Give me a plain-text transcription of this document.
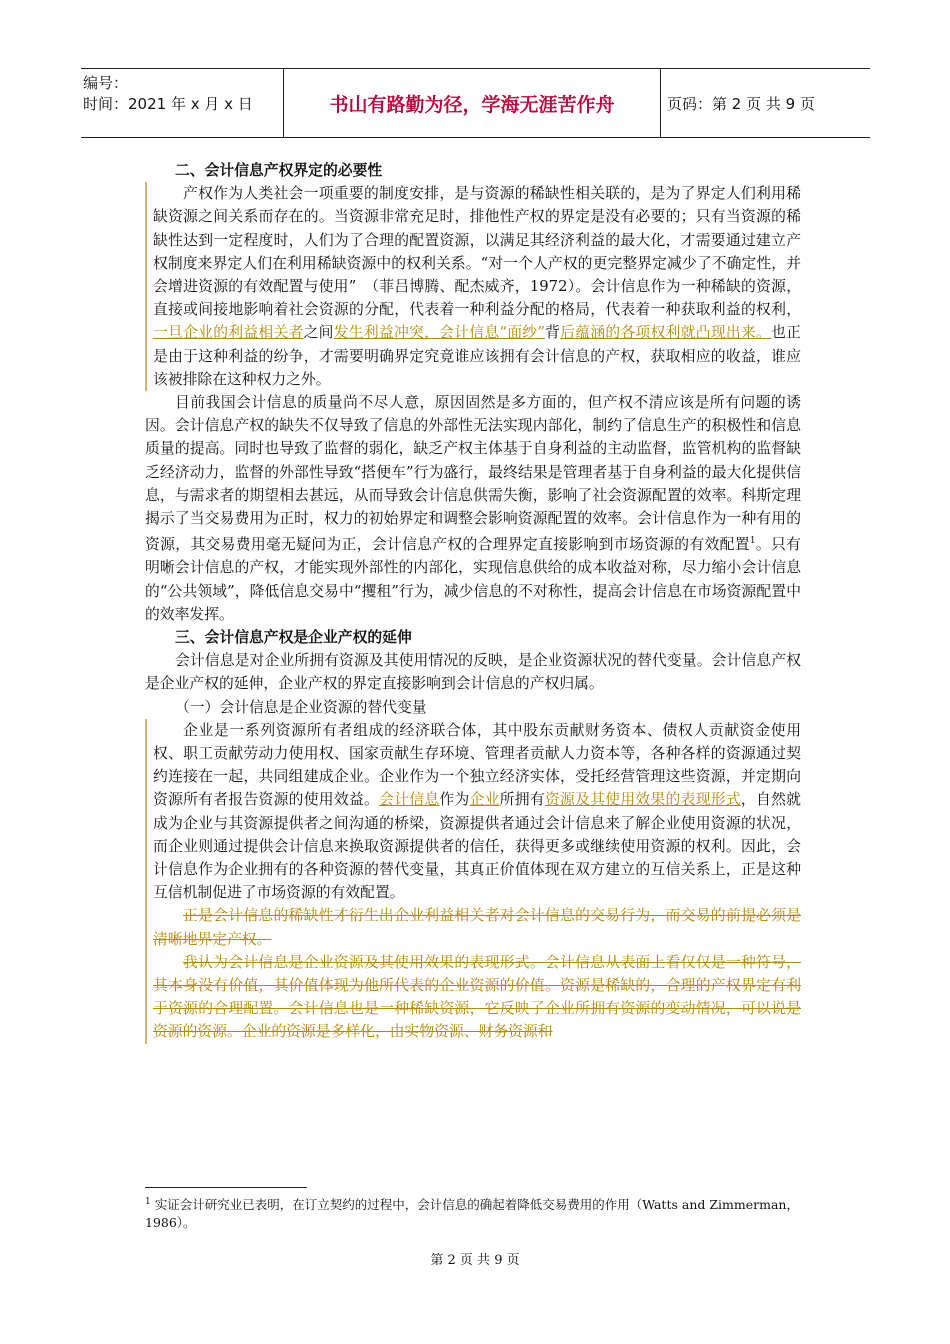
编号：
时间：2021 年 x 月 x 日	书山有路勤为径，学海无涯苦作舟	页码：第 2 页 共 9 页

二、会计信息产权界定的必要性

产权作为人类社会一项重要的制度安排，是与资源的稀缺性相关联的，是为了界定人们利用稀缺资源之间关系而存在的。当资源非常充足时，排他性产权的界定是没有必要的；只有当资源的稀缺性达到一定程度时，人们为了合理的配置资源，以满足其经济利益的最大化，才需要通过建立产权制度来界定人们在利用稀缺资源中的权利关系。“对一个人产权的更完整界定减少了不确定性，并会增进资源的有效配置与使用”　（菲吕博腾、配杰威齐，1972）。会计信息作为一种稀缺的资源，直接或间接地影响着社会资源的分配，代表着一种利益分配的格局，代表着一种获取利益的权利，一旦企业的利益相关者之间发生利益冲突，会计信息“面纱”背后蕴涵的各项权利就凸现出来。也正是由于这种利益的纷争，才需要明确界定究竟谁应该拥有会计信息的产权，获取相应的收益，谁应该被排除在这种权力之外。

目前我国会计信息的质量尚不尽人意，原因固然是多方面的，但产权不清应该是所有问题的诱因。会计信息产权的缺失不仅导致了信息的外部性无法实现内部化，制约了信息生产的积极性和信息质量的提高。同时也导致了监督的弱化，缺乏产权主体基于自身利益的主动监督，监管机构的监督缺乏经济动力，监督的外部性导致“搭便车”行为盛行，最终结果是管理者基于自身利益的最大化提供信息，与需求者的期望相去甚远，从而导致会计信息供需失衡，影响了社会资源配置的效率。科斯定理揭示了当交易费用为正时，权力的初始界定和调整会影响资源配置的效率。会计信息作为一种有用的资源，其交易费用毫无疑问为正，会计信息产权的合理界定直接影响到市场资源的有效配置$^1$。只有明晰会计信息的产权，才能实现外部性的内部化，实现信息供给的成本收益对称，尽力缩小会计信息的“公共领域”，降低信息交易中“攫租”行为，减少信息的不对称性，提高会计信息在市场资源配置中的效率发挥。

三、会计信息产权是企业产权的延伸

会计信息是对企业所拥有资源及其使用情况的反映，是企业资源状况的替代变量。会计信息产权是企业产权的延伸，企业产权的界定直接影响到会计信息的产权归属。

（一）会计信息是企业资源的替代变量

企业是一系列资源所有者组成的经济联合体，其中股东贡献财务资本、债权人贡献资金使用权、职工贡献劳动力使用权、国家贡献生存环境、管理者贡献人力资本等，各种各样的资源通过契约连接在一起，共同组建成企业。企业作为一个独立经济实体，受托经营管理这些资源，并定期向资源所有者报告资源的使用效益。会计信息作为企业所拥有资源及其使用效果的表现形式，自然就成为企业与其资源提供者之间沟通的桥梁，资源提供者通过会计信息来了解企业使用资源的状况，而企业则通过提供会计信息来换取资源提供者的信任，获得更多或继续使用资源的权利。因此，会计信息作为企业拥有的各种资源的替代变量，其真正价值体现在双方建立的互信关系上，正是这种互信机制促进了市场资源的有效配置。

正是会计信息的稀缺性才衍生出企业利益相关者对会计信息的交易行为，而交易的前提必须是清晰地界定产权。

我认为会计信息是企业资源及其使用效果的表现形式。会计信息从表面上看仅仅是一种符号，其本身没有价值，其价值体现为他所代表的企业资源的价值。资源是稀缺的，合理的产权界定有利于资源的合理配置。会计信息也是一种稀缺资源，它反映了企业所拥有资源的变动情况，可以说是资源的资源。企业的资源是多样化，由实物资源、财务资源和

$^1$ 实证会计研究业已表明，在订立契约的过程中，会计信息的确起着降低交易费用的作用（Watts and Zimmerman，1986）。
第 2 页 共 9 页
